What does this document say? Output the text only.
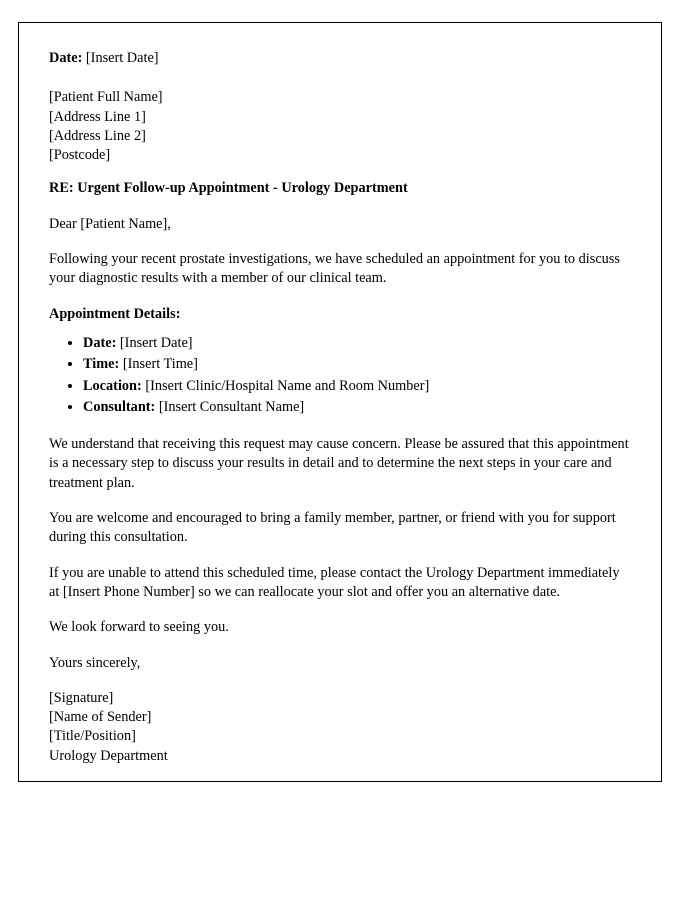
Date: [Insert Date]

[Patient Full Name]

[Address Line 1]

[Address Line 2]

[Postcode]

RE: Urgent Follow-up Appointment - Urology Department

Dear [Patient Name],

Following your recent prostate investigations, we have scheduled an appointment for you to discuss your diagnostic results with a member of our clinical team.

Appointment Details:

• Date: [Insert Date]
• Time: [Insert Time]
• Location: [Insert Clinic/Hospital Name and Room Number]
• Consultant: [Insert Consultant Name]

We understand that receiving this request may cause concern. Please be assured that this appointment is a necessary step to discuss your results in detail and to determine the next steps in your care and treatment plan.

You are welcome and encouraged to bring a family member, partner, or friend with you for support during this consultation.

If you are unable to attend this scheduled time, please contact the Urology Department immediately at [Insert Phone Number] so we can reallocate your slot and offer you an alternative date.

We look forward to seeing you.

Yours sincerely,

[Signature]

[Name of Sender]

[Title/Position]

Urology Department
